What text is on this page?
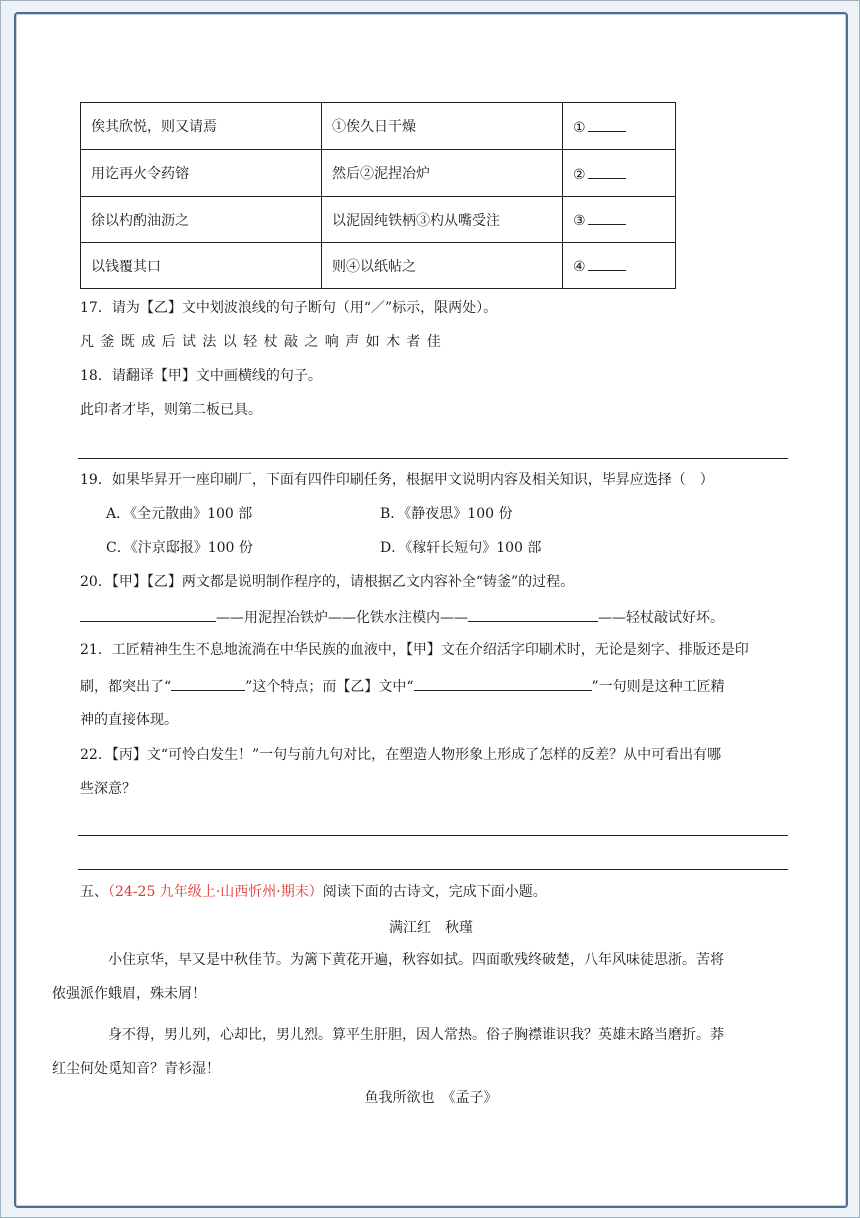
俟其欣悦，则又请焉	①俟久日干燥	①
用讫再火令药镕	然后②泥捏冶炉	②
徐以杓酌油沥之	以泥固纯铁柄③杓从嘴受注	③
以钱覆其口	则④以纸帖之	④
17．请为【乙】文中划波浪线的句子断句（用“／”标示，限两处）。
凡釜既成后试法以轻杖敲之响声如木者佳
18．请翻译【甲】文中画横线的句子。
此印者才毕，则第二板已具。
19．如果毕昇开一座印刷厂，下面有四件印刷任务，根据甲文说明内容及相关知识，毕昇应选择（　）
A．《全元散曲》100 部	B．《静夜思》100 份
C．《汴京邸报》100 份	D．《稼轩长短句》100 部
20．【甲】【乙】两文都是说明制作程序的，请根据乙文内容补全“铸釜”的过程。
——用泥捏冶铁炉——化铁水注模内——	——轻杖敲试好坏。
21．工匠精神生生不息地流淌在中华民族的血液中，【甲】文在介绍活字印刷术时，无论是刻字、排版还是印
刷，都突出了“	”这个特点；而【乙】文中“	”一句则是这种工匠精
神的直接体现。
22．【丙】文“可怜白发生！”一句与前九句对比，在塑造人物形象上形成了怎样的反差？从中可看出有哪
些深意？
五、（24-25 九年级上·山西忻州·期末）阅读下面的古诗文，完成下面小题。
满江红　秋瑾
小住京华，早又是中秋佳节。为篱下黄花开遍，秋容如拭。四面歌残终破楚，八年风味徒思浙。苦将
侬强派作蛾眉，殊未屑！
身不得，男儿列，心却比，男儿烈。算平生肝胆，因人常热。俗子胸襟谁识我？英雄末路当磨折。莽
红尘何处觅知音？青衫湿！
鱼我所欲也　《孟子》
